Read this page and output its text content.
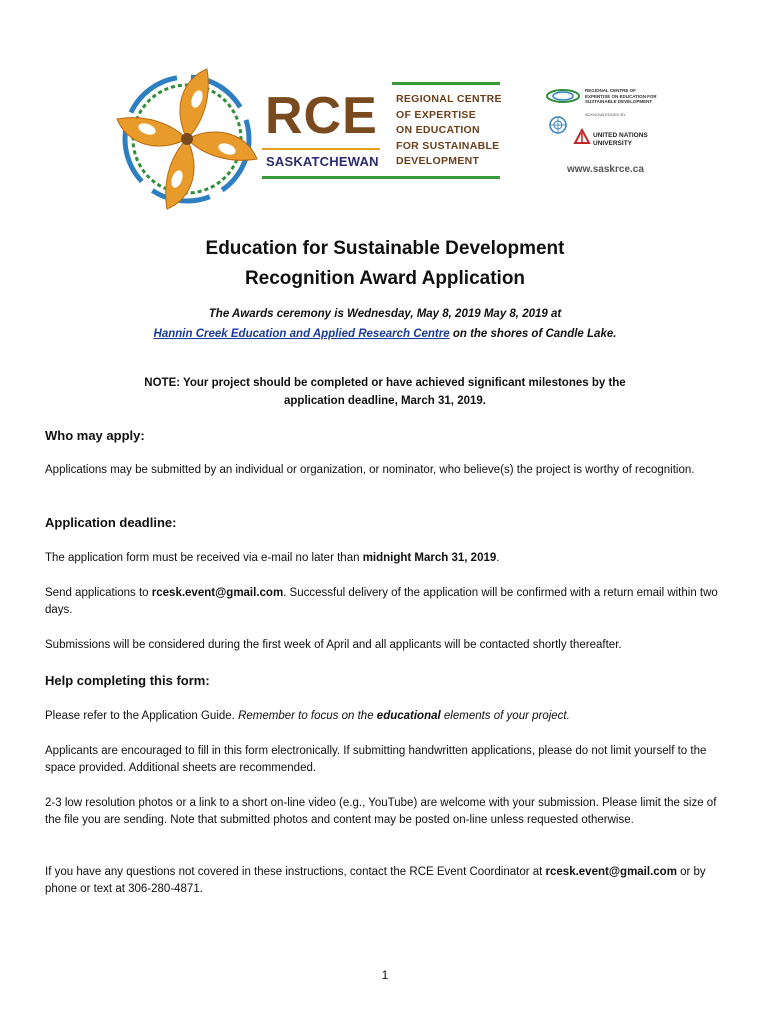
RCE
SASKATCHEWAN
REGIONAL CENTRE
OF EXPERTISE
ON EDUCATION
FOR SUSTAINABLE
DEVELOPMENT
REGIONAL CENTRE OF EXPERTISE ON EDUCATION FOR SUSTAINABLE DEVELOPMENT
ACKNOWLEDGED BY
UNITED NATIONS
UNIVERSITY
www.saskrce.ca
Education for Sustainable Development
Recognition Award Application
The Awards ceremony is Wednesday, May 8, 2019 May 8, 2019 at
Hannin Creek Education and Applied Research Centre on the shores of Candle Lake.
NOTE: Your project should be completed or have achieved significant milestones by the
application deadline, March 31, 2019.
Who may apply:
Applications may be submitted by an individual or organization, or nominator, who believe(s) the project is worthy of recognition.
Application deadline:
The application form must be received via e-mail no later than midnight March 31, 2019.
Send applications to rcesk.event@gmail.com. Successful delivery of the application will be confirmed with a return email within two days.
Submissions will be considered during the first week of April and all applicants will be contacted shortly thereafter.
Help completing this form:
Please refer to the Application Guide. Remember to focus on the educational elements of your project.
Applicants are encouraged to fill in this form electronically. If submitting handwritten applications, please do not limit yourself to the space provided. Additional sheets are recommended.
2-3 low resolution photos or a link to a short on-line video (e.g., YouTube) are welcome with your submission. Please limit the size of the file you are sending. Note that submitted photos and content may be posted on-line unless requested otherwise.
If you have any questions not covered in these instructions, contact the RCE Event Coordinator at rcesk.event@gmail.com or by phone or text at 306-280-4871.
1
